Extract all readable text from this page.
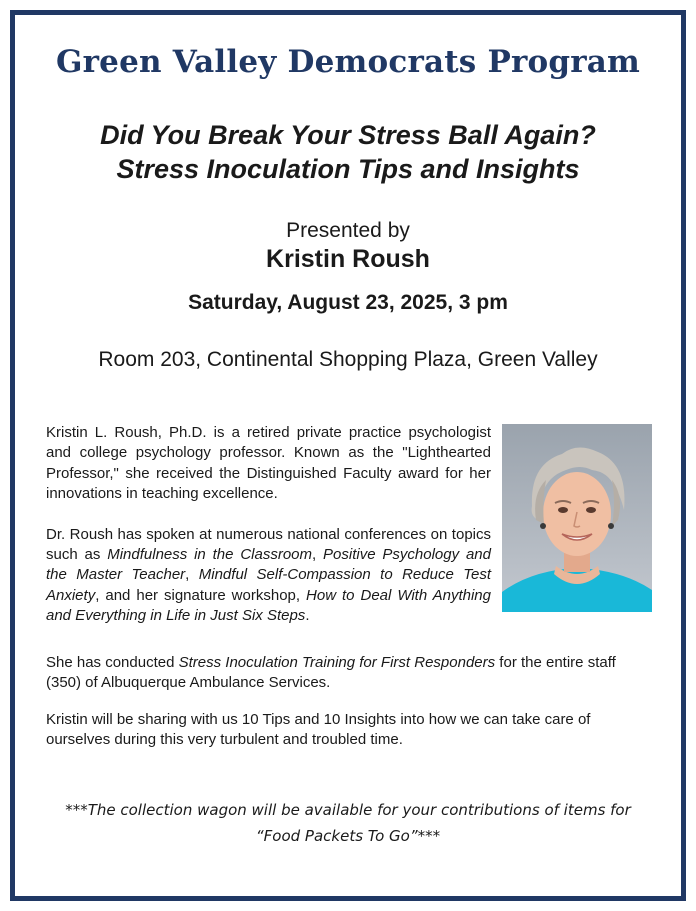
Green Valley Democrats Program
Did You Break Your Stress Ball Again?
Stress Inoculation Tips and Insights
Presented by
Kristin Roush
Saturday, August 23, 2025, 3 pm
Room 203, Continental Shopping Plaza, Green Valley

Kristin L. Roush, Ph.D. is a retired private practice psychologist and college psychology professor. Known as the "Lighthearted Professor," she received the Distinguished Faculty award for her innovations in teaching excellence.

Dr. Roush has spoken at numerous national conferences on topics such as Mindfulness in the Classroom, Positive Psychology and the Master Teacher, Mindful Self-Compassion to Reduce Test Anxiety, and her signature workshop, How to Deal With Anything and Everything in Life in Just Six Steps.

She has conducted Stress Inoculation Training for First Responders for the entire staff (350) of Albuquerque Ambulance Services.
Kristin will be sharing with us 10 Tips and 10 Insights into how we can take care of ourselves during this very turbulent and troubled time.
***The collection wagon will be available for your contributions of items for
“Food Packets To Go”***
